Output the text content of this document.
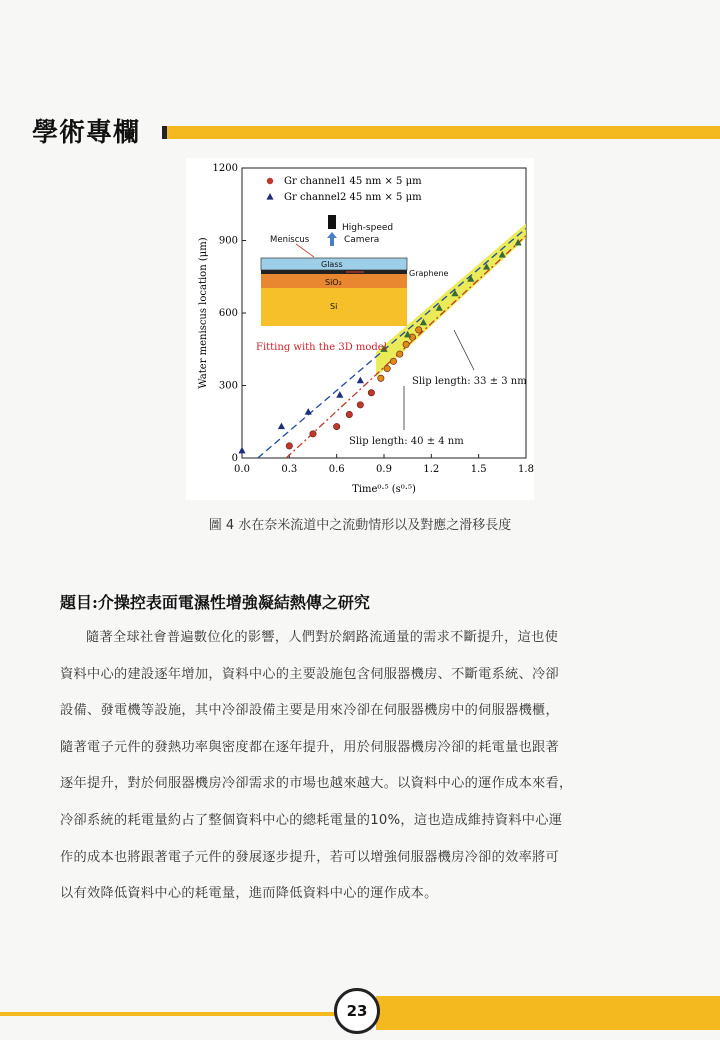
學術專欄
0.0	0.3	0.6	0.9	1.2	1.5	1.8
0
300
600
900
1200
Time⁰·⁵ (s⁰·⁵)
Water meniscus location (μm)	Meniscus
High-speed
Camera
Glass
Graphene
SiO₂
Si
Gr channel1 45 nm × 5 μm
Gr channel2 45 nm × 5 μm
Fitting with the 3D model
Slip length: 33 ± 3 nm
Slip length: 40 ± 4 nm
圖 4 水在奈米流道中之流動情形以及對應之滑移長度
題目:介操控表面電濕性增強凝結熱傳之研究
隨著全球社會普遍數位化的影響，人們對於網路流通量的需求不斷提升，這也使
資料中心的建設逐年增加，資料中心的主要設施包含伺服器機房、不斷電系統、冷卻
設備、發電機等設施，其中冷卻設備主要是用來冷卻在伺服器機房中的伺服器機櫃，
隨著電子元件的發熱功率與密度都在逐年提升，用於伺服器機房冷卻的耗電量也跟著
逐年提升，對於伺服器機房冷卻需求的市場也越來越大。以資料中心的運作成本來看，
冷卻系統的耗電量約占了整個資料中心的總耗電量的10%，這也造成維持資料中心運
作的成本也將跟著電子元件的發展逐步提升，若可以增強伺服器機房冷卻的效率將可
以有效降低資料中心的耗電量，進而降低資料中心的運作成本。
23
